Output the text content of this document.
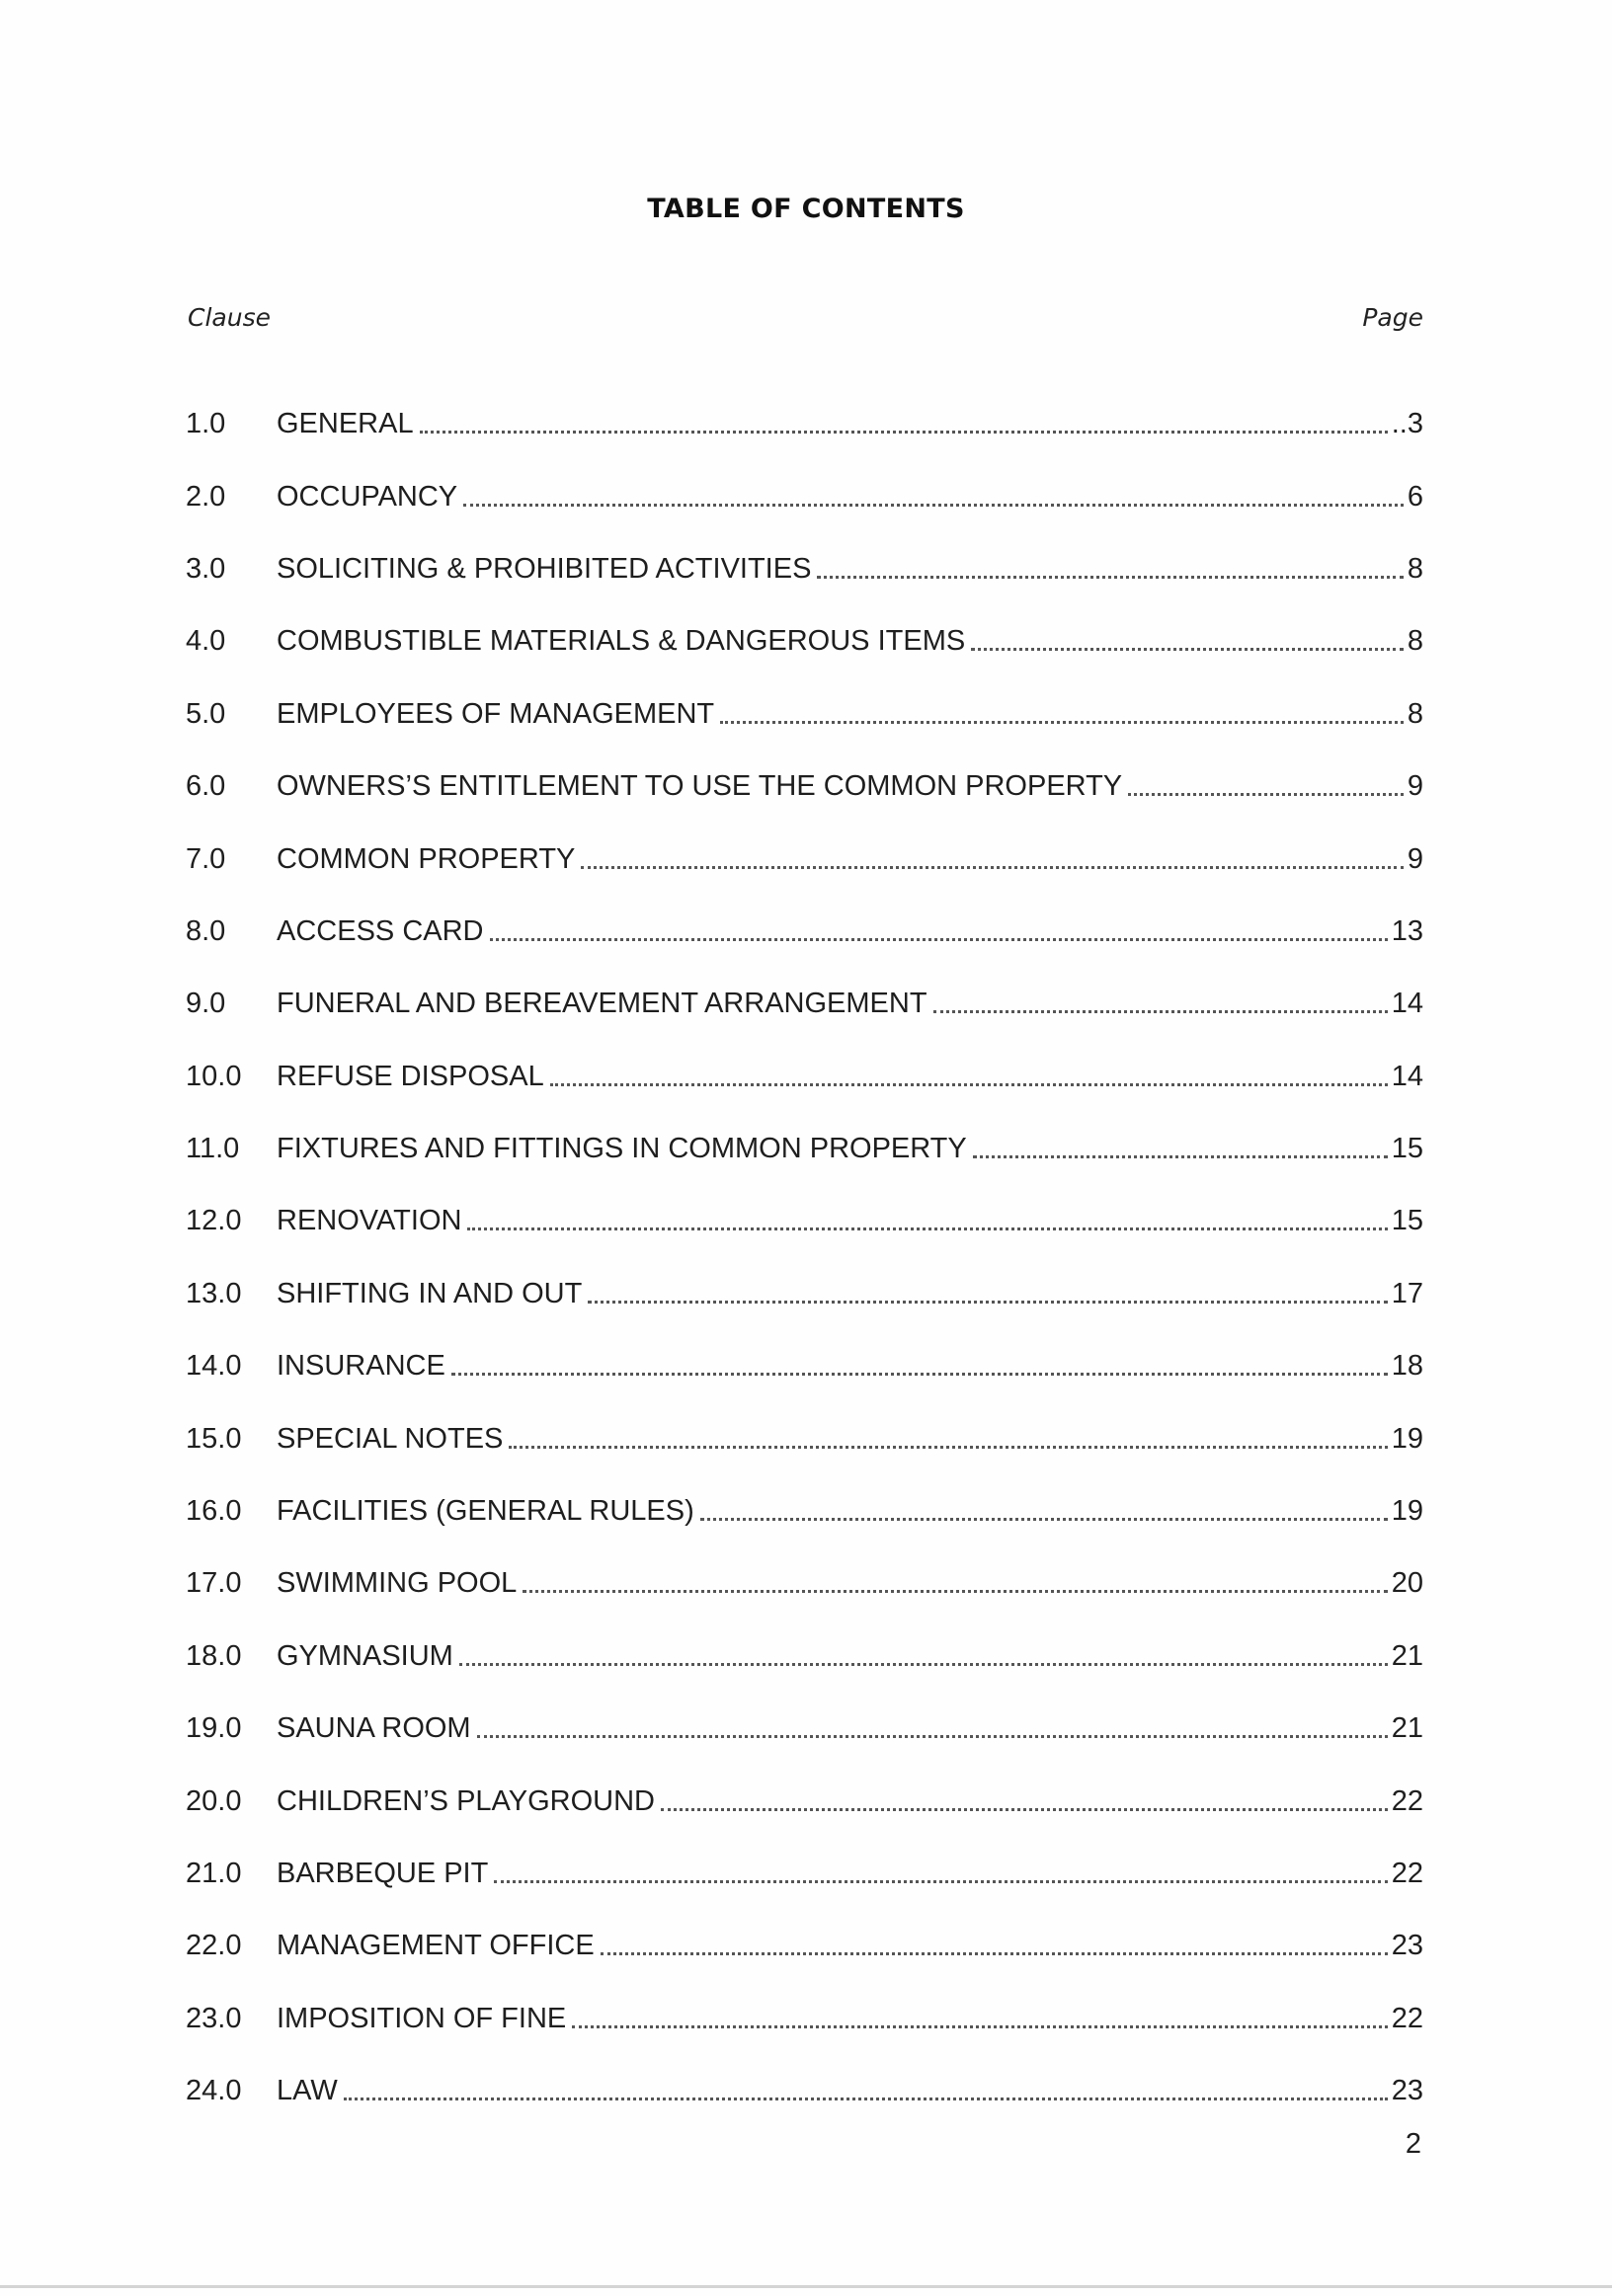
TABLE OF CONTENTS
Clause	Page
1.0	GENERAL	..3
2.0	OCCUPANCY	6
3.0	SOLICITING & PROHIBITED ACTIVITIES	8
4.0	COMBUSTIBLE MATERIALS & DANGEROUS ITEMS	8
5.0	EMPLOYEES OF MANAGEMENT	8
6.0	OWNERS’S ENTITLEMENT TO USE THE COMMON PROPERTY	9
7.0	COMMON PROPERTY	9
8.0	ACCESS CARD	13
9.0	FUNERAL AND BEREAVEMENT ARRANGEMENT	14
10.0	REFUSE DISPOSAL	14
11.0	FIXTURES AND FITTINGS IN COMMON PROPERTY	15
12.0	RENOVATION	15
13.0	SHIFTING IN AND OUT	17
14.0	INSURANCE	18
15.0	SPECIAL NOTES	19
16.0	FACILITIES (GENERAL RULES)	19
17.0	SWIMMING POOL	20
18.0	GYMNASIUM	21
19.0	SAUNA ROOM	21
20.0	CHILDREN’S PLAYGROUND	22
21.0	BARBEQUE PIT	22
22.0	MANAGEMENT OFFICE	23
23.0	IMPOSITION OF FINE	22
24.0	LAW	23
2
